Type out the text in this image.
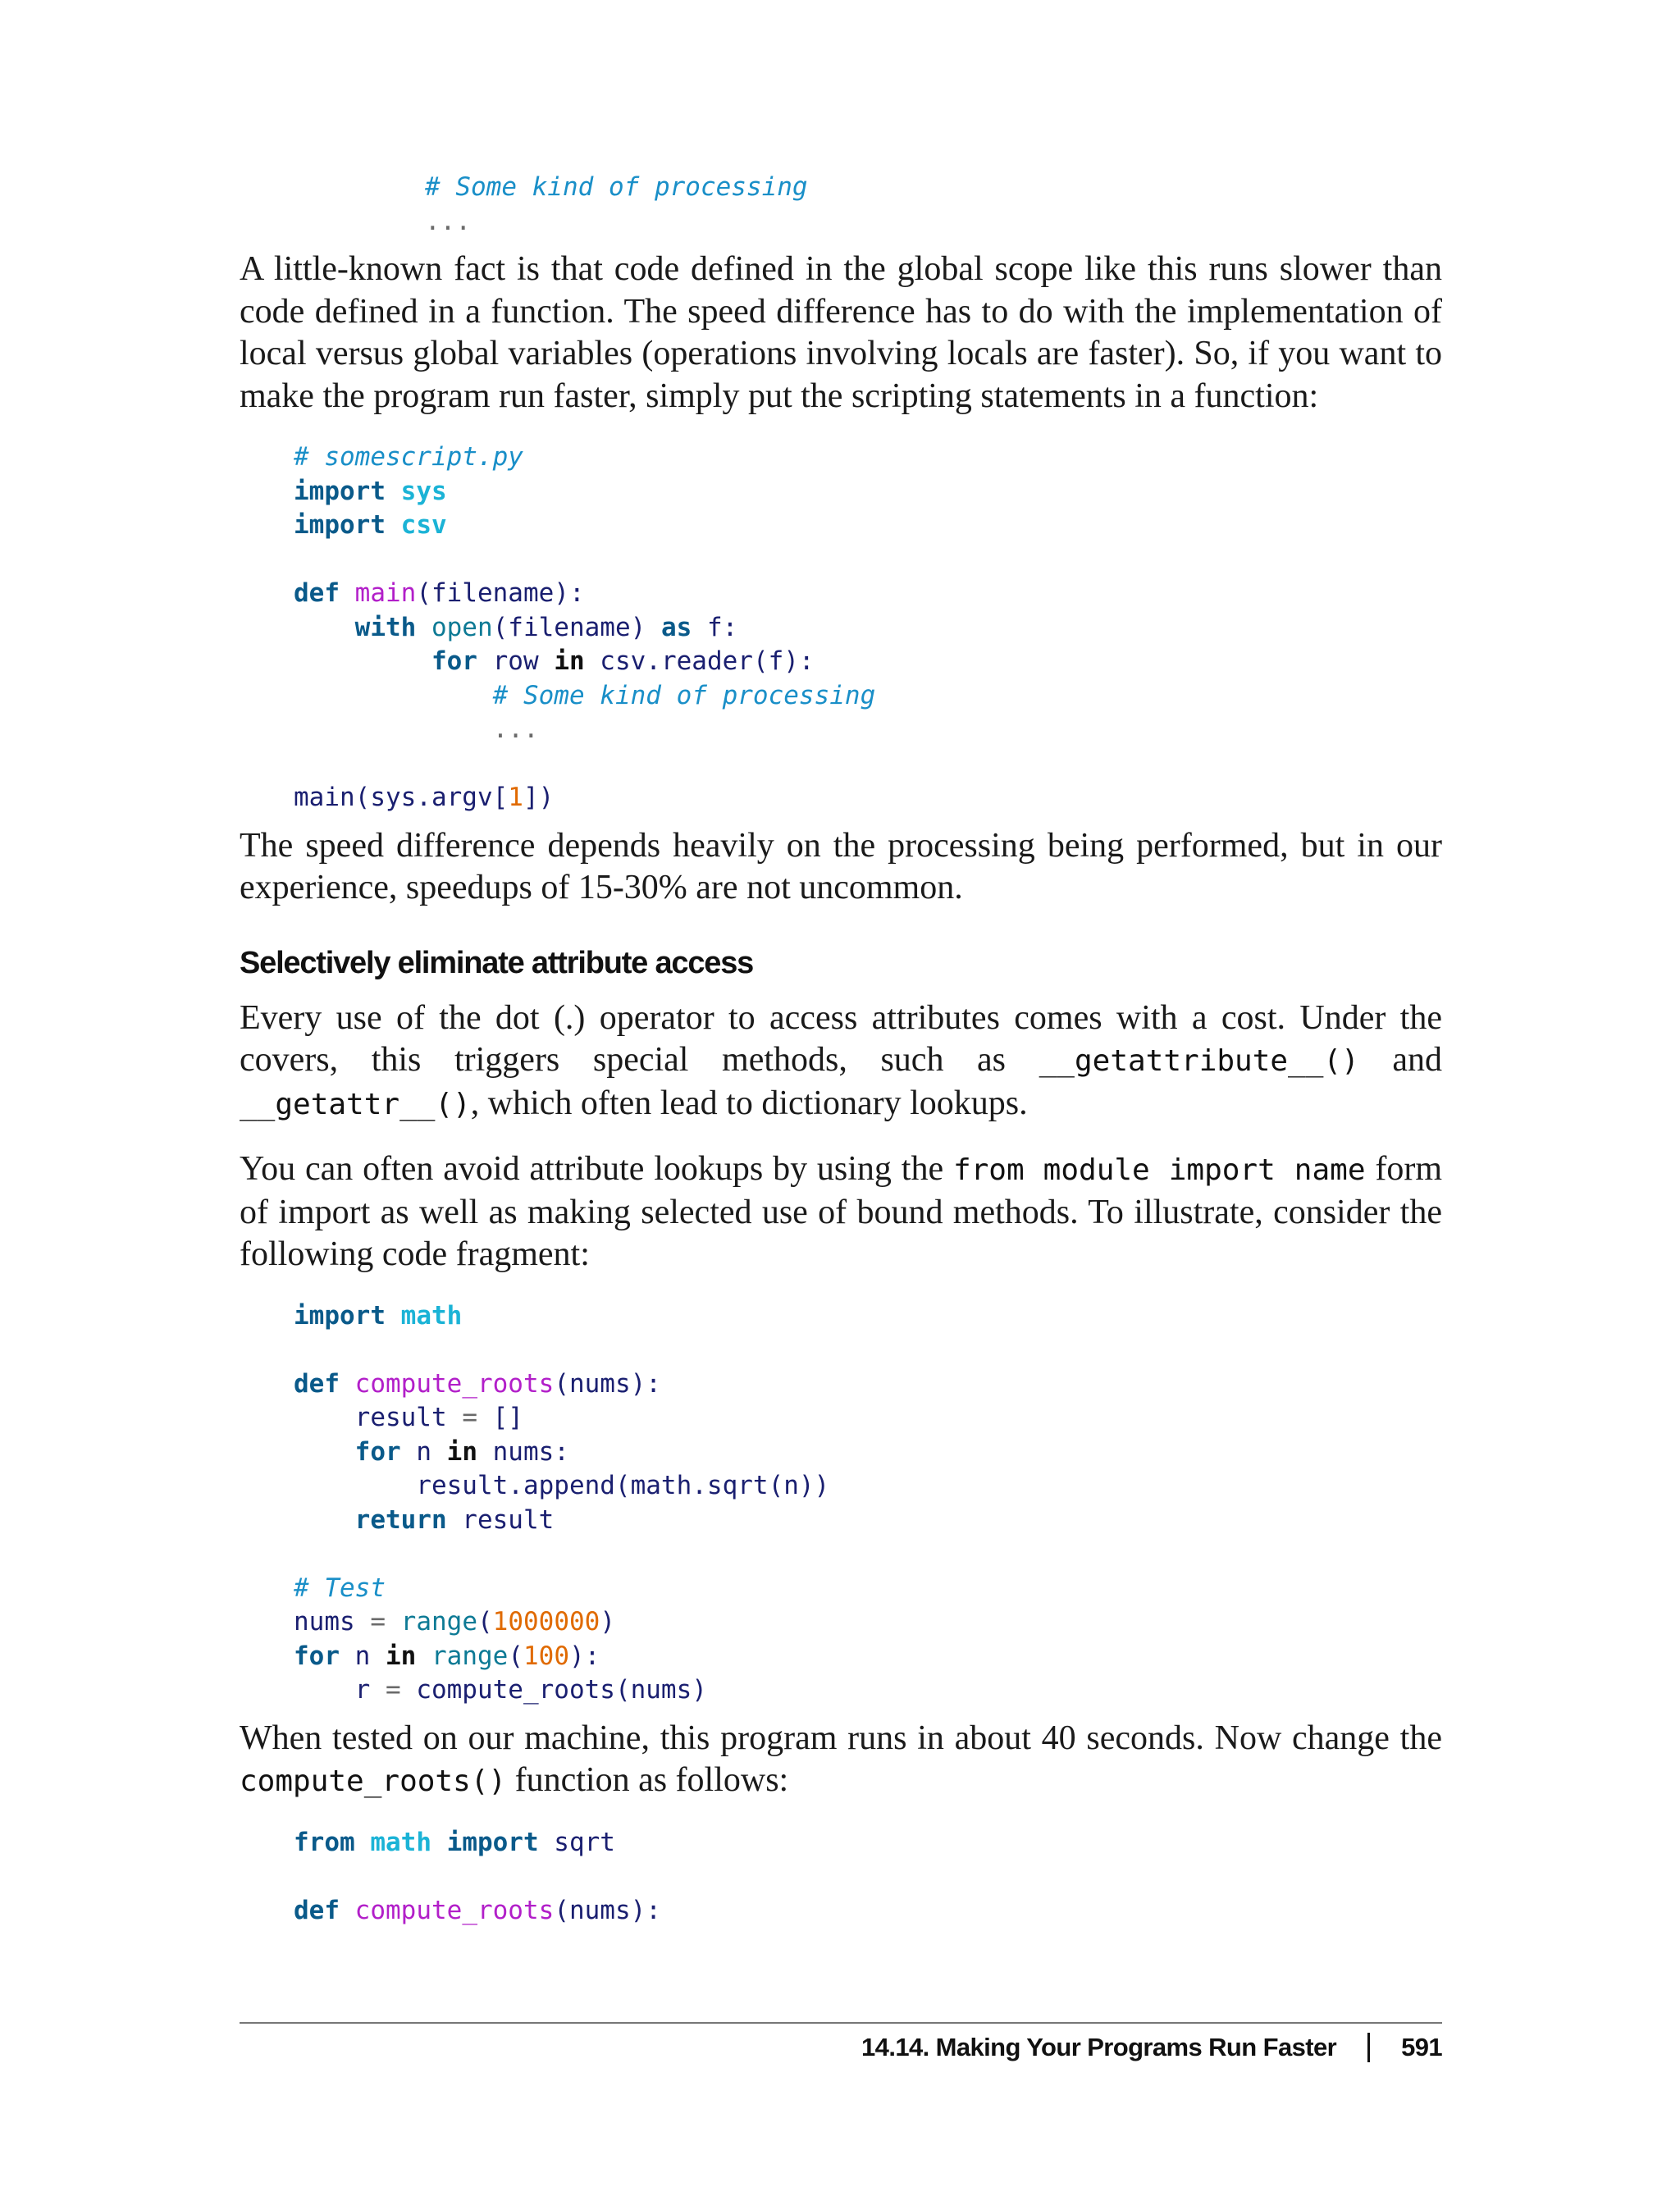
# Some kind of processing
...

A little-known fact is that code defined in the global scope like this runs slower than code defined in a function. The speed difference has to do with the implementation of local versus global variables (operations involving locals are faster). So, if you want to make the program run faster, simply put the scripting statements in a function:

# somescript.py
import sys
import csv
def main(filename):
with open(filename) as f:
for row in csv.reader(f):
# Some kind of processing
...
main(sys.argv[1])

The speed difference depends heavily on the processing being performed, but in our experience, speedups of 15-30% are not uncommon.

Selectively eliminate attribute access

Every use of the dot (.) operator to access attributes comes with a cost. Under the covers, this triggers special methods, such as __getattribute__() and __getattr__(), which often lead to dictionary lookups.

You can often avoid attribute lookups by using the from module import name form of import as well as making selected use of bound methods. To illustrate, consider the following code fragment:

import math
def compute_roots(nums):
result = []
for n in nums:
result.append(math.sqrt(n))
return result
# Test
nums = range(1000000)
for n in range(100):
r = compute_roots(nums)

When tested on our machine, this program runs in about 40 seconds. Now change the compute_roots() function as follows:

from math import sqrt
def compute_roots(nums):
14.14. Making Your Programs Run Faster	591
